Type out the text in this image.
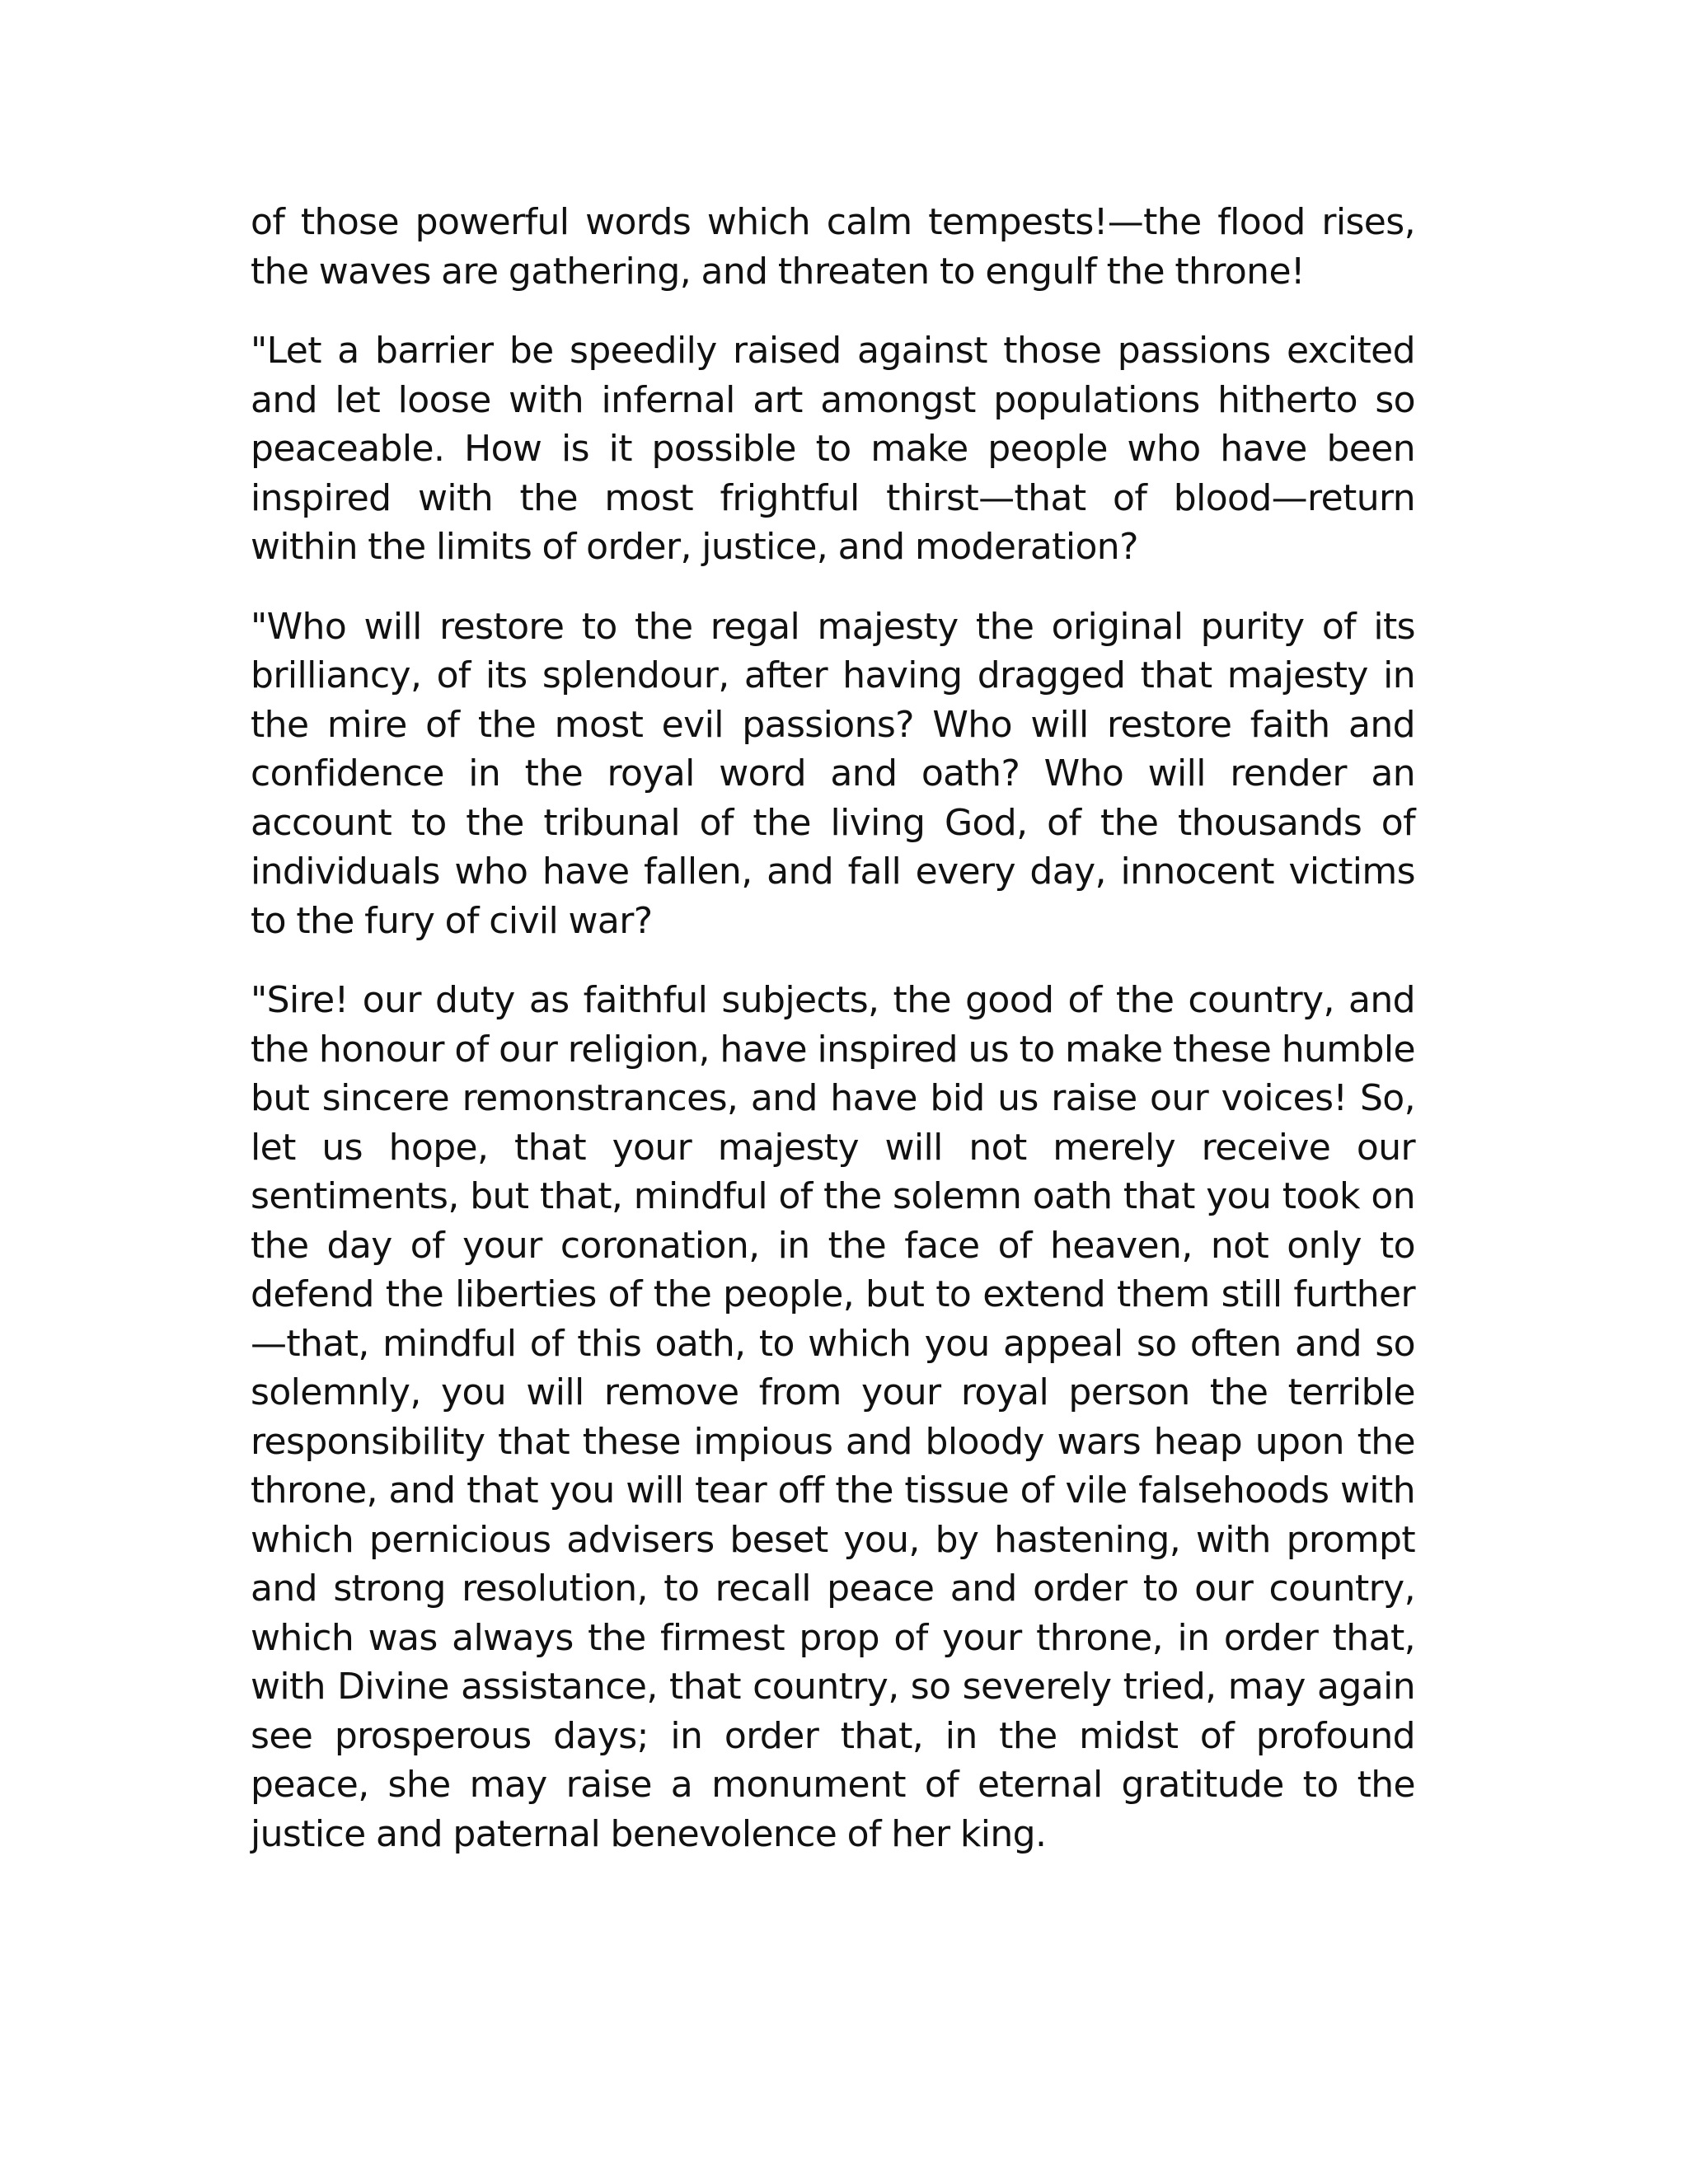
of those powerful words which calm tempests!—the flood rises, the waves are gathering, and threaten to engulf the throne!

"Let a barrier be speedily raised against those passions excited and let loose with infernal art amongst populations hitherto so peaceable. How is it possible to make people who have been inspired with the most frightful thirst—that of blood—return within the limits of order, justice, and moderation?

"Who will restore to the regal majesty the original purity of its brilliancy, of its splendour, after having dragged that majesty in the mire of the most evil passions? Who will restore faith and confidence in the royal word and oath? Who will render an account to the tribunal of the living God, of the thousands of individuals who have fallen, and fall every day, innocent victims to the fury of civil war?

"Sire! our duty as faithful subjects, the good of the country, and the honour of our religion, have inspired us to make these humble but sincere remonstrances, and have bid us raise our voices! So, let us hope, that your majesty will not merely receive our sentiments, but that, mindful of the solemn oath that you took on the day of your coronation, in the face of heaven, not only to defend the liberties of the people, but to extend them still further—that, mindful of this oath, to which you appeal so often and so solemnly, you will remove from your royal person the terrible responsibility that these impious and bloody wars heap upon the throne, and that you will tear off the tissue of vile falsehoods with which pernicious advisers beset you, by hastening, with prompt and strong resolution, to recall peace and order to our country, which was always the firmest prop of your throne, in order that, with Divine assistance, that country, so severely tried, may again see prosperous days; in order that, in the midst of profound peace, she may raise a monument of eternal gratitude to the justice and paternal benevolence of her king.
